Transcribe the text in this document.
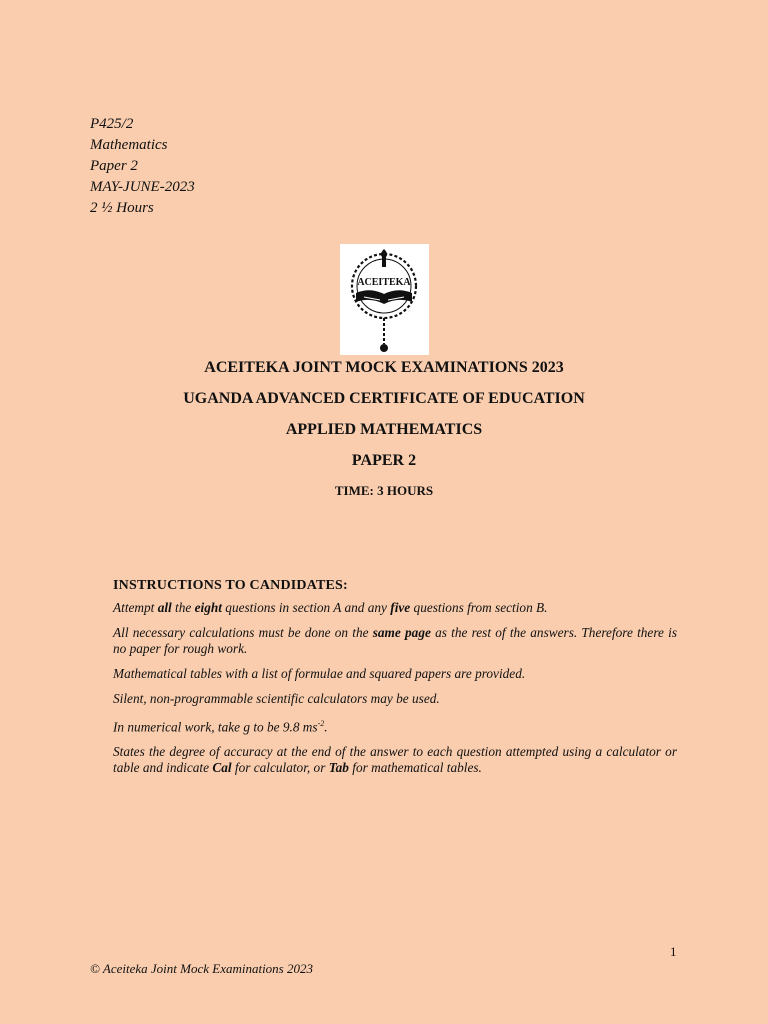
P425/2
Mathematics
Paper 2
MAY-JUNE-2023
2 ½ Hours
ACEITEKA
ACEITEKA JOINT MOCK EXAMINATIONS 2023
UGANDA ADVANCED CERTIFICATE OF EDUCATION
APPLIED MATHEMATICS
PAPER 2
TIME: 3 HOURS
INSTRUCTIONS TO CANDIDATES:
Attempt all the eight questions in section A and any five questions from section B.
All necessary calculations must be done on the same page as the rest of the answers. Therefore there is no paper for rough work.
Mathematical tables with a list of formulae and squared papers are provided.
Silent, non-programmable scientific calculators may be used.
In numerical work, take g to be 9.8 $ms^{-2}$.
States the degree of accuracy at the end of the answer to each question attempted using a calculator or table and indicate Cal for calculator, or Tab for mathematical tables.
1
© Aceiteka Joint Mock Examinations 2023
